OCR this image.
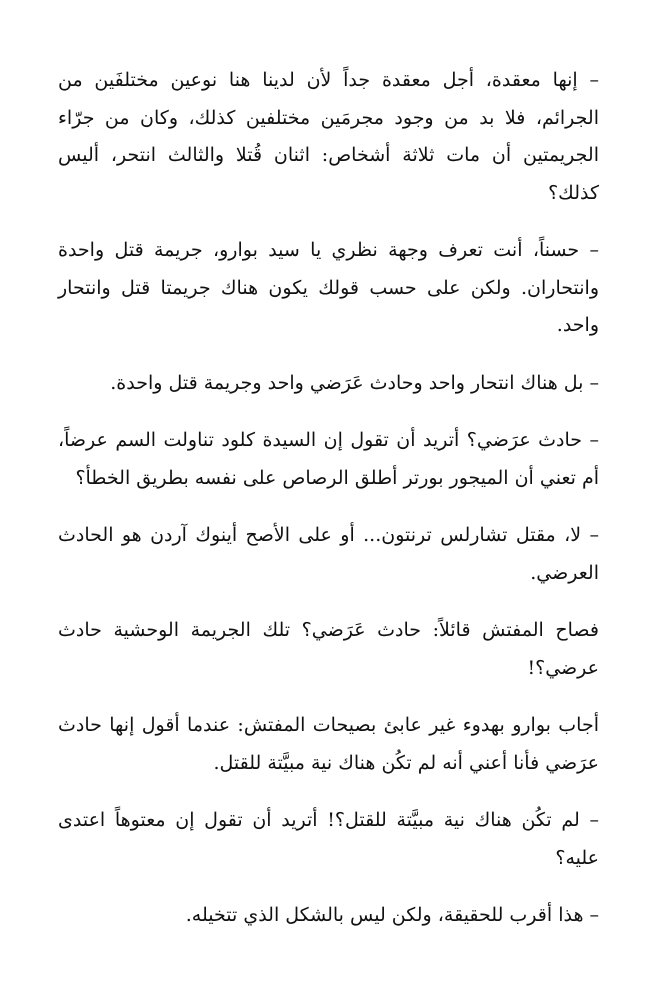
– إنها معقدة، أجل معقدة جداً لأن لدينا هنا نوعين مختلفَين من الجرائم، فلا بد من وجود مجرمَين مختلفين كذلك، وكان من جرّاء الجريمتين أن مات ثلاثة أشخاص: اثنان قُتلا والثالث انتحر، أليس كذلك؟

– حسناً، أنت تعرف وجهة نظري يا سيد بوارو، جريمة قتل واحدة وانتحاران. ولكن على حسب قولك يكون هناك جريمتا قتل وانتحار واحد.

– بل هناك انتحار واحد وحادث عَرَضي واحد وجريمة قتل واحدة.

– حادث عرَضي؟ أتريد أن تقول إن السيدة كلود تناولت السم عرضاً، أم تعني أن الميجور بورتر أطلق الرصاص على نفسه بطريق الخطأ؟

– لا، مقتل تشارلس ترنتون... أو على الأصح أينوك آردن هو الحادث العرضي.

فصاح المفتش قائلاً: حادث عَرَضي؟ تلك الجريمة الوحشية حادث عرضي؟!

أجاب بوارو بهدوء غير عابئ بصيحات المفتش: عندما أقول إنها حادث عرَضي فأنا أعني أنه لم تكُن هناك نية مبيَّتة للقتل.

– لم تكُن هناك نية مبيَّتة للقتل؟! أتريد أن تقول إن معتوهاً اعتدى عليه؟

– هذا أقرب للحقيقة، ولكن ليس بالشكل الذي تتخيله.
